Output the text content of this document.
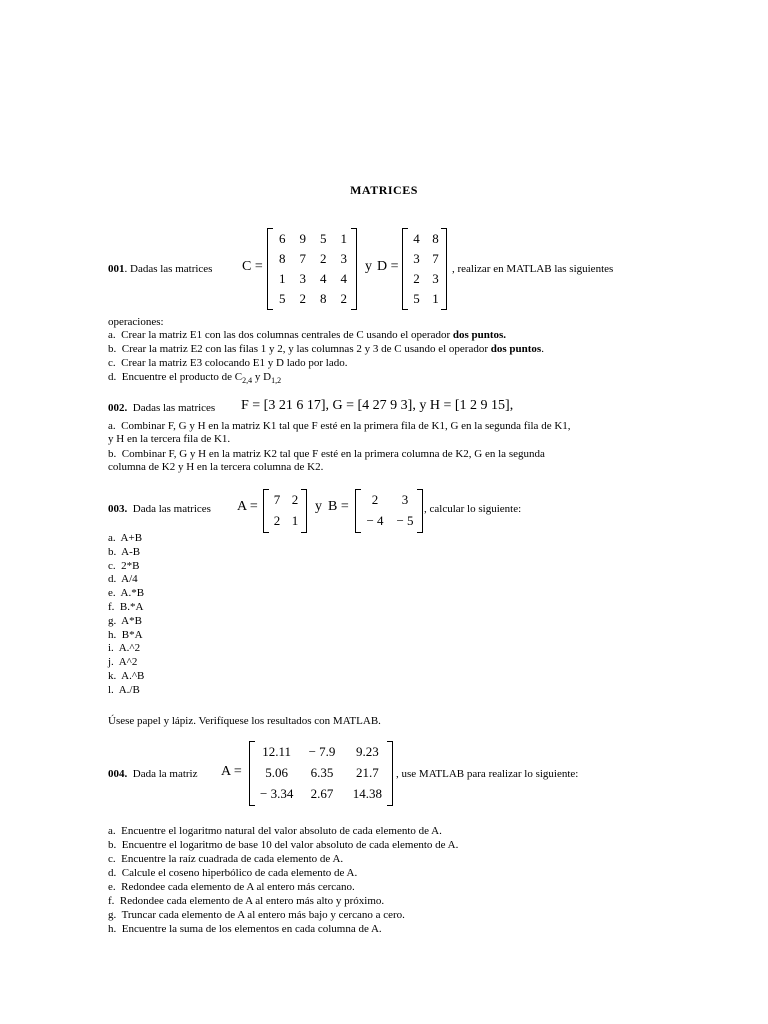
MATRICES
001. Dadas las matrices C =
6	9	5	1
8	7	2	3
1	3	4	4
5	2	8	2
y D =
4 8
3 7
2 3
5 1
, realizar en MATLAB las siguientes
operaciones:
a. Crear la matriz E1 con las dos columnas centrales de C usando el operador dos puntos.
b. Crear la matriz E2 con las filas 1 y 2, y las columnas 2 y 3 de C usando el operador dos puntos.
c. Crear la matriz E3 colocando E1 y D lado por lado.
d. Encuentre el producto de $C_{2,4}$ y $D_{1,2}$
002. Dadas las matrices F = [3 21 6 17], G = [4 27 9 3], y H = [1 2 9 15],
a. Combinar F, G y H en la matriz K1 tal que F esté en la primera fila de K1, G en la segunda fila de K1,
y H en la tercera fila de K1.
b. Combinar F, G y H en la matriz K2 tal que F esté en la primera columna de K2, G en la segunda
columna de K2 y H en la tercera columna de K2.
003. Dada las matrices A =	7 2
2 1
y B =	2	3
− 4 − 5
, calcular lo siguiente:
a. A+B
b. A-B
c. 2*B
d. A/4
e. A.*B
f. B.*A
g. A*B
h. B*A
i. A.^2
j. A^2
k. A.^B
l. A./B
Úsese papel y lápiz. Verifíquese los resultados con MATLAB.
004. Dada la matriz A =
12.11	− 7.9	9.23
5.06	6.35	21.7
− 3.34	2.67	14.38
, use MATLAB para realizar lo siguiente:
a. Encuentre el logaritmo natural del valor absoluto de cada elemento de A.
b. Encuentre el logaritmo de base 10 del valor absoluto de cada elemento de A.
c. Encuentre la raíz cuadrada de cada elemento de A.
d. Calcule el coseno hiperbólico de cada elemento de A.
e. Redondee cada elemento de A al entero más cercano.
f. Redondee cada elemento de A al entero más alto y próximo.
g. Truncar cada elemento de A al entero más bajo y cercano a cero.
h. Encuentre la suma de los elementos en cada columna de A.
